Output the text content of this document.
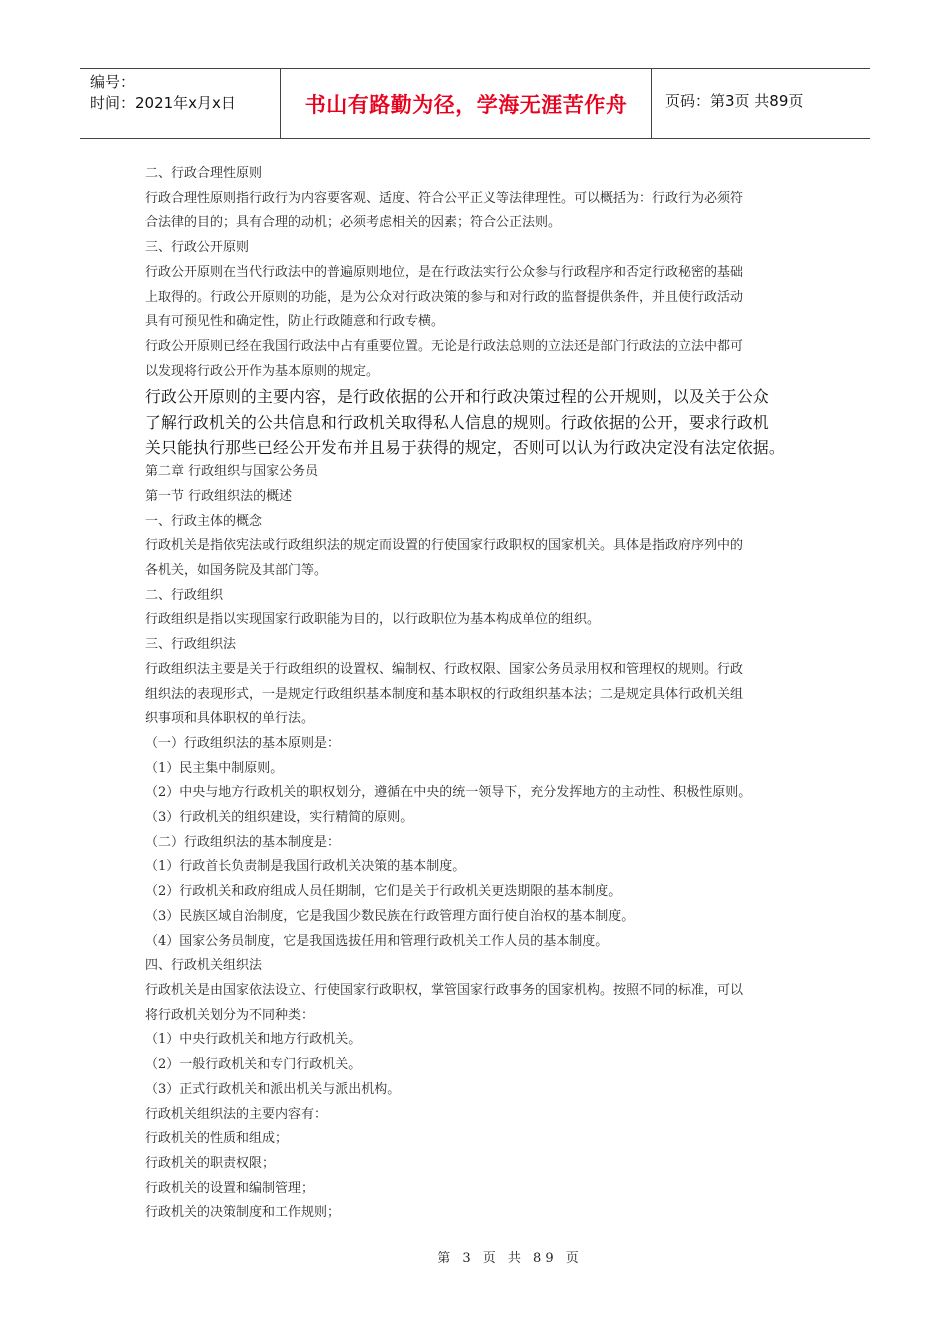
编号：
时间：2021年x月x日	书山有路勤为径，学海无涯苦作舟	页码：第3页 共89页
二、行政合理性原则
行政合理性原则指行政行为内容要客观、适度、符合公平正义等法律理性。可以概括为：行政行为必须符
合法律的目的；具有合理的动机；必须考虑相关的因素；符合公正法则。
三、行政公开原则
行政公开原则在当代行政法中的普遍原则地位，是在行政法实行公众参与行政程序和否定行政秘密的基础
上取得的。行政公开原则的功能，是为公众对行政决策的参与和对行政的监督提供条件，并且使行政活动
具有可预见性和确定性，防止行政随意和行政专横。
行政公开原则已经在我国行政法中占有重要位置。无论是行政法总则的立法还是部门行政法的立法中都可
以发现将行政公开作为基本原则的规定。
行政公开原则的主要内容，是行政依据的公开和行政决策过程的公开规则，以及关于公众
了解行政机关的公共信息和行政机关取得私人信息的规则。行政依据的公开，要求行政机
关只能执行那些已经公开发布并且易于获得的规定，否则可以认为行政决定没有法定依据。
第二章 行政组织与国家公务员
第一节 行政组织法的概述
一、行政主体的概念
行政机关是指依宪法或行政组织法的规定而设置的行使国家行政职权的国家机关。具体是指政府序列中的
各机关，如国务院及其部门等。
二、行政组织
行政组织是指以实现国家行政职能为目的，以行政职位为基本构成单位的组织。
三、行政组织法
行政组织法主要是关于行政组织的设置权、编制权、行政权限、国家公务员录用权和管理权的规则。行政
组织法的表现形式，一是规定行政组织基本制度和基本职权的行政组织基本法；二是规定具体行政机关组
织事项和具体职权的单行法。
（一）行政组织法的基本原则是：
（1）民主集中制原则。
（2）中央与地方行政机关的职权划分，遵循在中央的统一领导下，充分发挥地方的主动性、积极性原则。
（3）行政机关的组织建设，实行精简的原则。
（二）行政组织法的基本制度是：
（1）行政首长负责制是我国行政机关决策的基本制度。
（2）行政机关和政府组成人员任期制，它们是关于行政机关更迭期限的基本制度。
（3）民族区域自治制度，它是我国少数民族在行政管理方面行使自治权的基本制度。
（4）国家公务员制度，它是我国选拔任用和管理行政机关工作人员的基本制度。
四、行政机关组织法
行政机关是由国家依法设立、行使国家行政职权，掌管国家行政事务的国家机构。按照不同的标准，可以
将行政机关划分为不同种类：
（1）中央行政机关和地方行政机关。
（2）一般行政机关和专门行政机关。
（3）正式行政机关和派出机关与派出机构。
行政机关组织法的主要内容有：
行政机关的性质和组成；
行政机关的职责权限；
行政机关的设置和编制管理；
行政机关的决策制度和工作规则；
第 3 页 共 89 页
